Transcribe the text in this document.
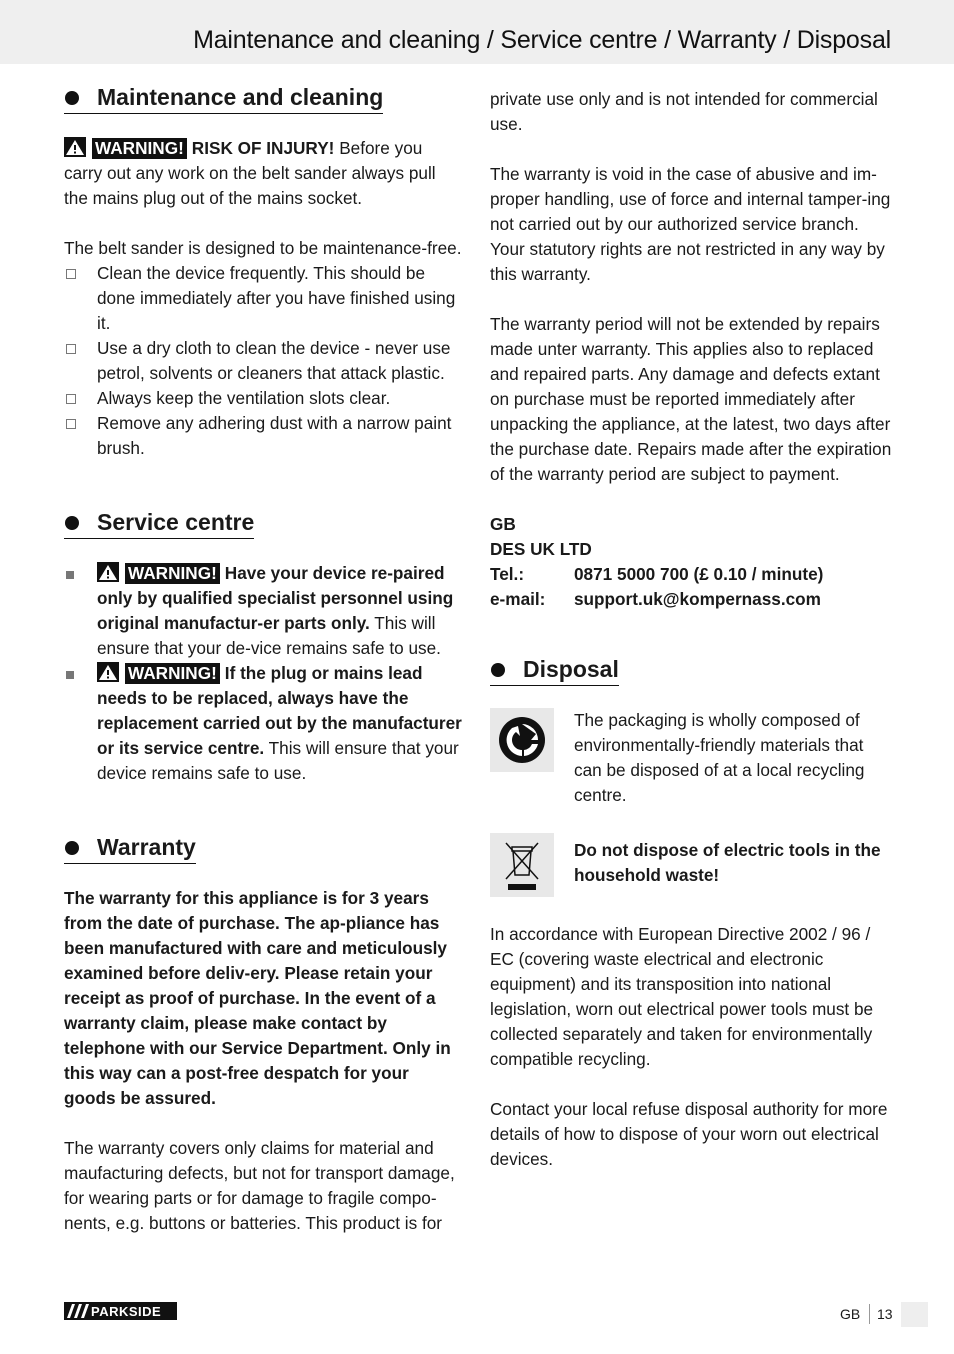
Maintenance and cleaning / Service centre / Warranty / Disposal
Maintenance and cleaning

WARNING! RISK OF INJURY! Before you carry out any work on the belt sander always pull the mains plug out of the mains socket.

The belt sander is designed to be maintenance-free.

Clean the device frequently. This should be done immediately after you have finished using it.
Use a dry cloth to clean the device - never use petrol, solvents or cleaners that attack plastic.
Always keep the ventilation slots clear.
Remove any adhering dust with a narrow paint brush.
Service centre
WARNING! Have your device re-paired only by qualified specialist personnel using original manufactur-er parts only. This will ensure that your de-vice remains safe to use.
WARNING! If the plug or mains lead needs to be replaced, always have the replacement carried out by the manufacturer or its service centre. This will ensure that your device remains safe to use.
Warranty

The warranty for this appliance is for 3 years from the date of purchase. The ap-pliance has been manufactured with care and meticulously examined before deliv-ery. Please retain your receipt as proof of purchase. In the event of a warranty claim, please make contact by telephone with our Service Department. Only in this way can a post-free despatch for your goods be assured.

The warranty covers only claims for material and maufacturing defects, but not for transport damage, for wearing parts or for damage to fragile compo-nents, e.g. buttons or batteries. This product is for

private use only and is not intended for commercial use.

The warranty is void in the case of abusive and im-proper handling, use of force and internal tamper-ing not carried out by our authorized service branch. Your statutory rights are not restricted in any way by this warranty.

The warranty period will not be extended by repairs made unter warranty. This applies also to replaced and repaired parts. Any damage and defects extant on purchase must be reported immediately after unpacking the appliance, at the latest, two days after the purchase date. Repairs made after the expiration of the warranty period are subject to payment.

GB
DES UK LTD
Tel.:	0871 5000 700 (£ 0.10 / minute)
e-mail:	support.uk@kompernass.com
Disposal

The packaging is wholly composed of environmentally-friendly materials that can be disposed of at a local recycling centre.

Do not dispose of electric tools in the household waste!

In accordance with European Directive 2002 / 96 / EC (covering waste electrical and electronic equipment) and its transposition into national legislation, worn out electrical power tools must be collected separately and taken for environmentally compatible recycling.

Contact your local refuse disposal authority for more details of how to dispose of your worn out electrical devices.

PARKSIDE	GB 13
